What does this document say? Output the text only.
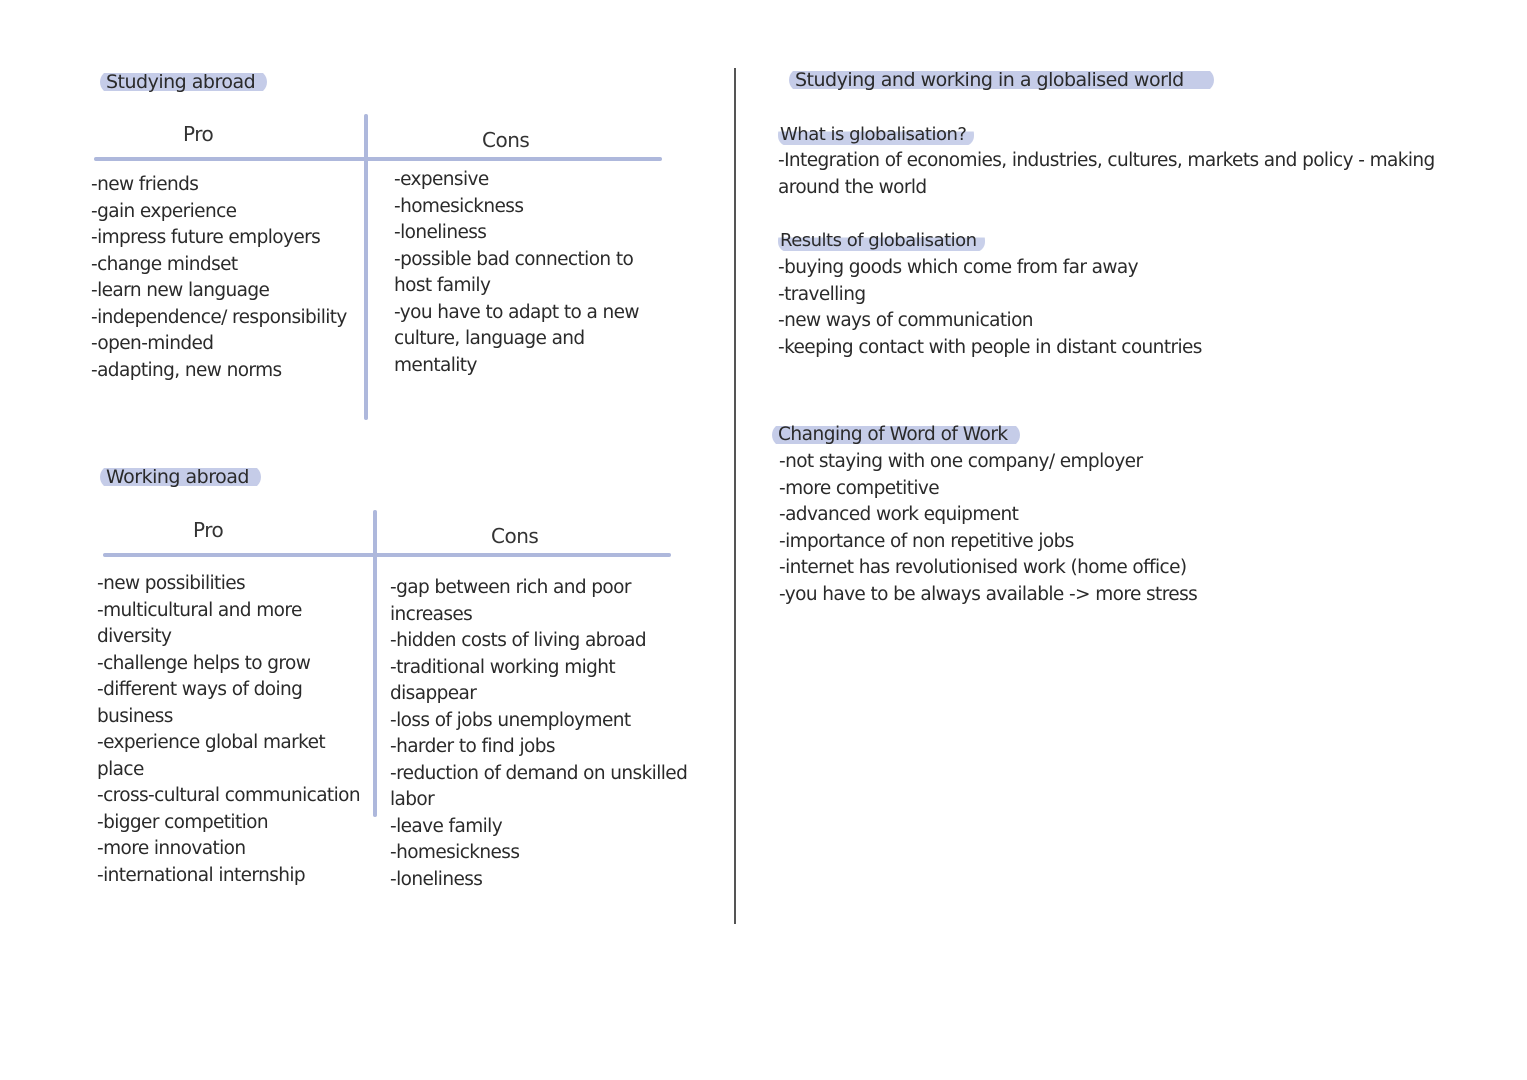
Studying abroad
Pro	Cons
-new friends
-gain experience
-impress future employers
-change mindset
-learn new language
-independence/ responsibility
-open-minded
-adapting, new norms
-expensive
-homesickness
-loneliness
-possible bad connection to
host family
-you have to adapt to a new
culture, language and
mentality
Working abroad
Pro	Cons
-new possibilities
-multicultural and more diversity
-challenge helps to grow
-different ways of doing
business
-experience global market
place
-cross-cultural communication
-bigger competition
-more innovation
-international internship
-gap between rich and poor
increases
-hidden costs of living abroad
-traditional working might
disappear
-loss of jobs unemployment
-harder to find jobs
-reduction of demand on unskilled
labor
-leave family
-homesickness
-loneliness
Studying and working in a globalised world
What is globalisation?
-Integration of economies, industries, cultures, markets and policy - making
around the world
Results of globalisation
-buying goods which come from far away
-travelling
-new ways of communication
-keeping contact with people in distant countries
Changing of Word of Work
-not staying with one company/ employer
-more competitive
-advanced work equipment
-importance of non repetitive jobs
-internet has revolutionised work (home office)
-you have to be always available -> more stress
